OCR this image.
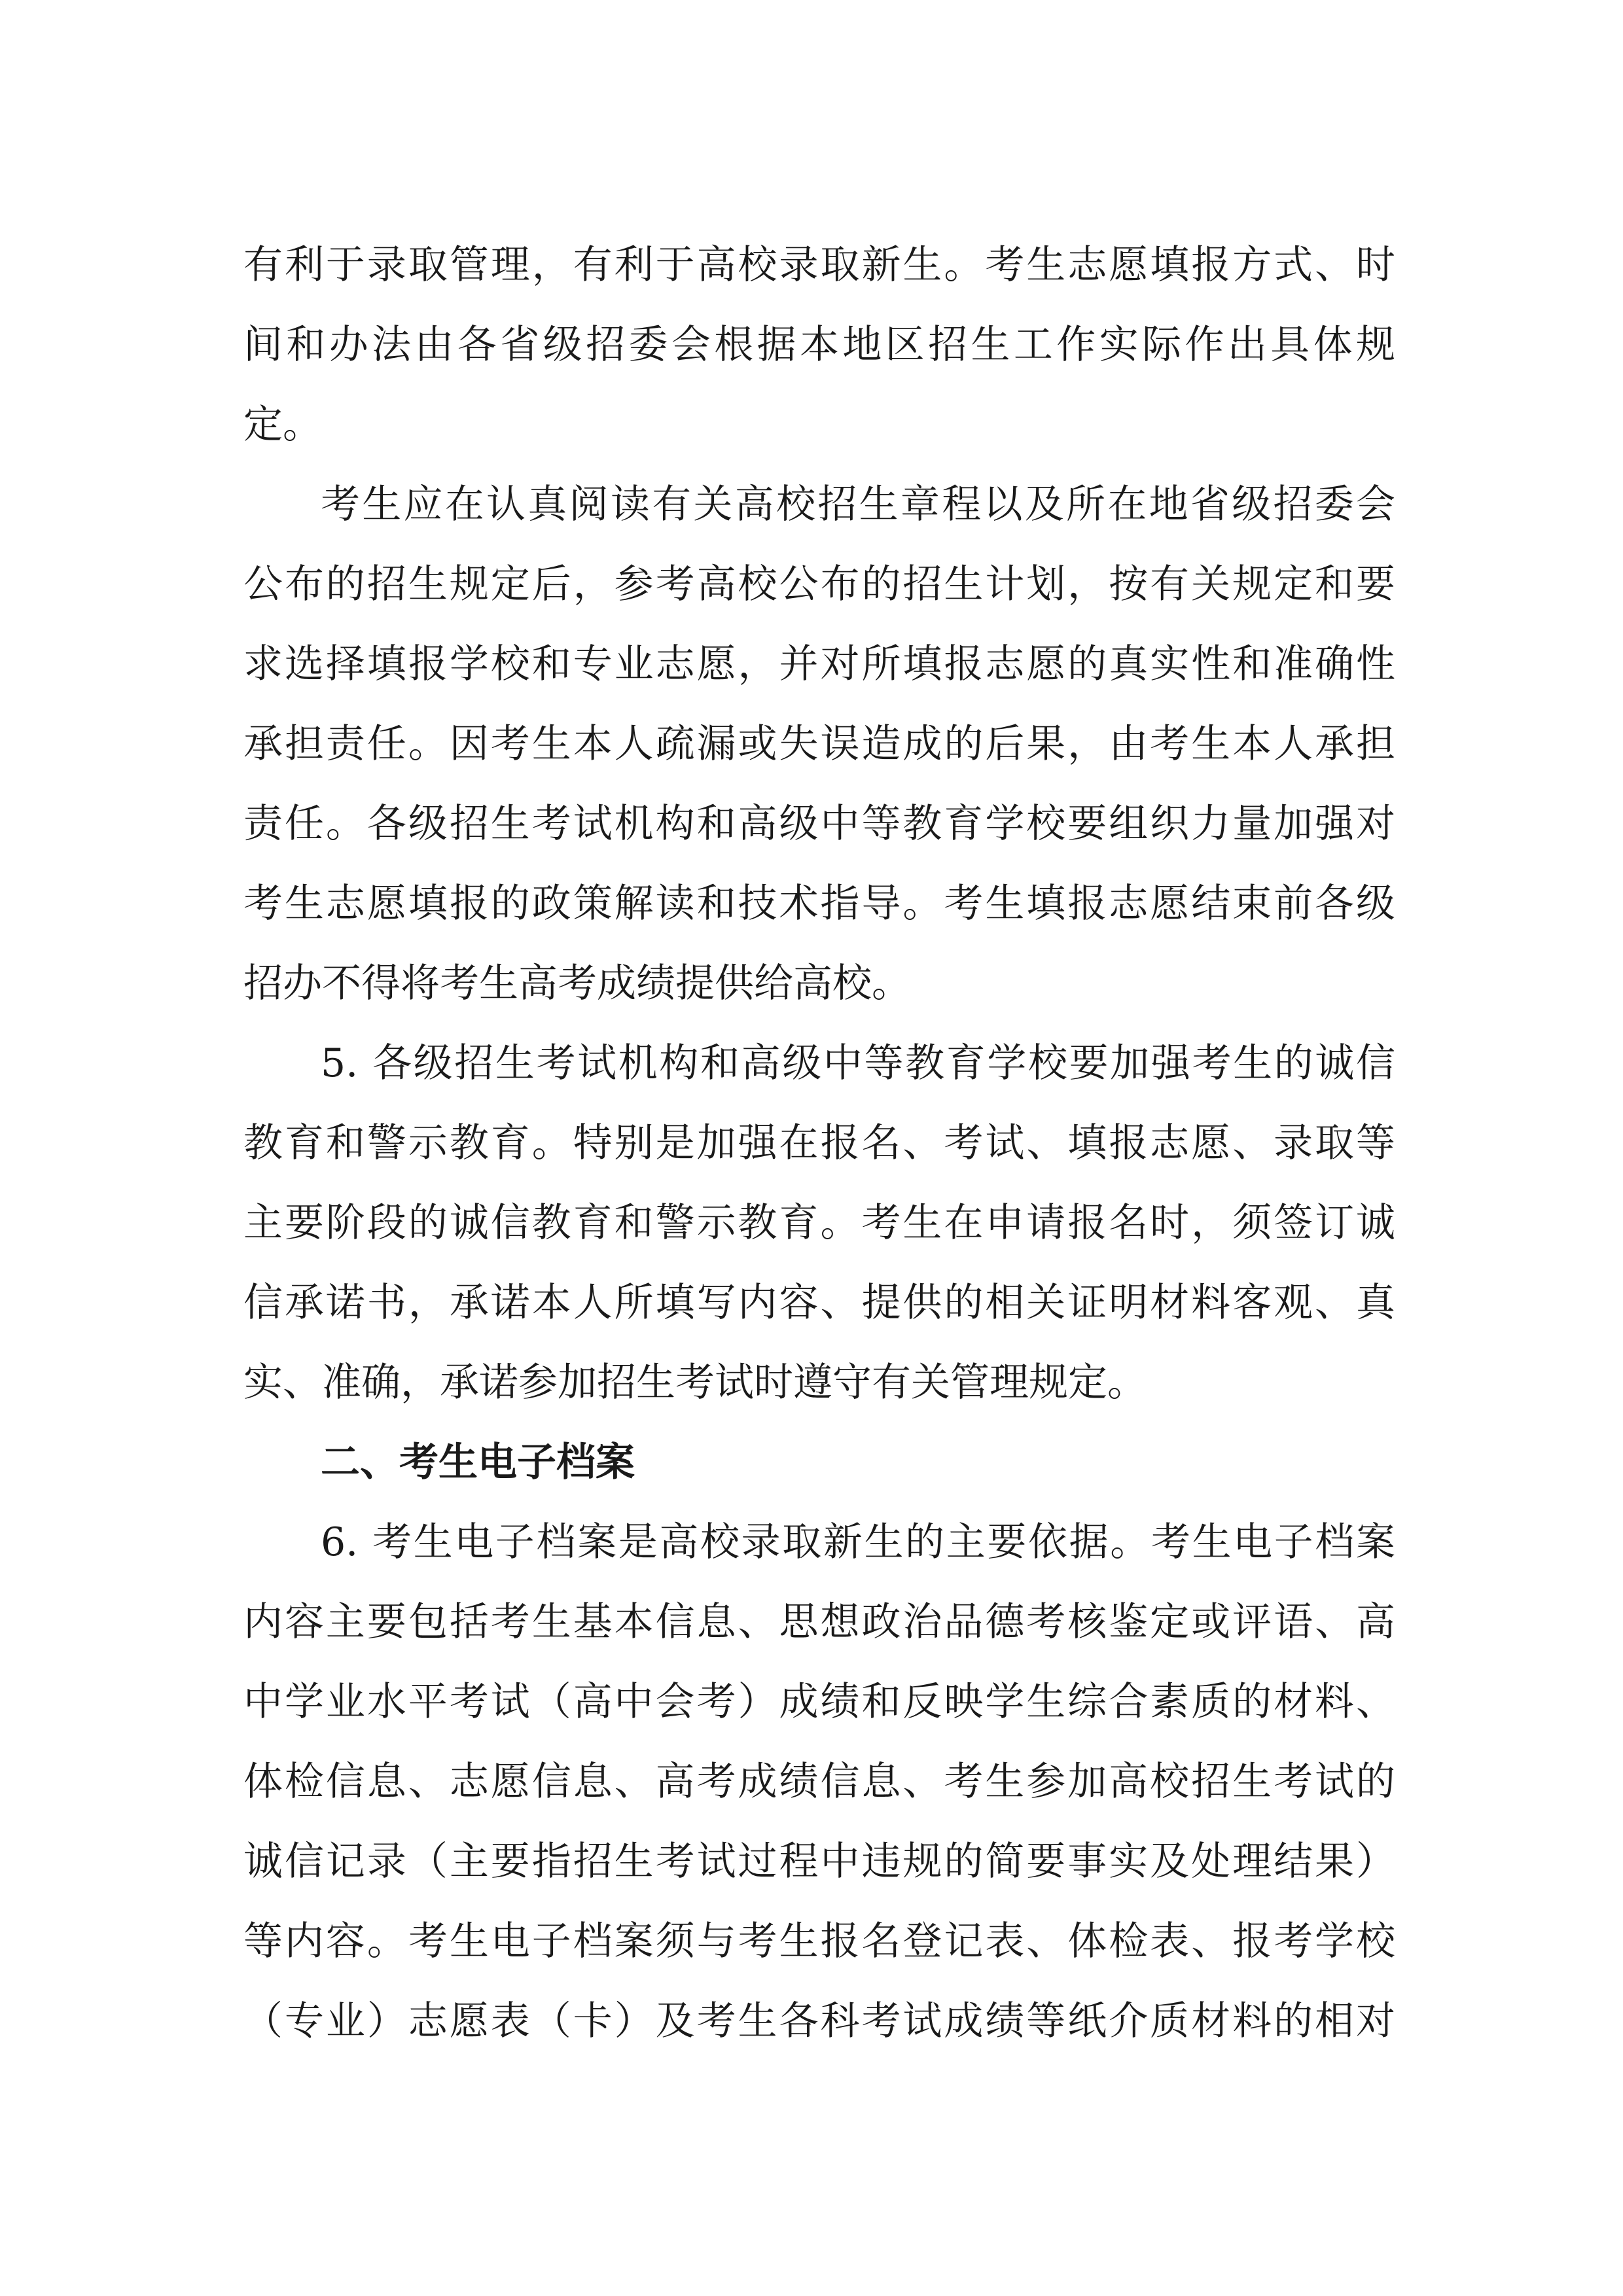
有利于录取管理，有利于高校录取新生。考生志愿填报方式、时
间和办法由各省级招委会根据本地区招生工作实际作出具体规
定。
考生应在认真阅读有关高校招生章程以及所在地省级招委会
公布的招生规定后，参考高校公布的招生计划，按有关规定和要
求选择填报学校和专业志愿，并对所填报志愿的真实性和准确性
承担责任。因考生本人疏漏或失误造成的后果，由考生本人承担
责任。各级招生考试机构和高级中等教育学校要组织力量加强对
考生志愿填报的政策解读和技术指导。考生填报志愿结束前各级
招办不得将考生高考成绩提供给高校。
5. 各级招生考试机构和高级中等教育学校要加强考生的诚信
教育和警示教育。特别是加强在报名、考试、填报志愿、录取等
主要阶段的诚信教育和警示教育。考生在申请报名时，须签订诚
信承诺书，承诺本人所填写内容、提供的相关证明材料客观、真
实、准确，承诺参加招生考试时遵守有关管理规定。
二、考生电子档案
6. 考生电子档案是高校录取新生的主要依据。考生电子档案
内容主要包括考生基本信息、思想政治品德考核鉴定或评语、高
中学业水平考试（高中会考）成绩和反映学生综合素质的材料、
体检信息、志愿信息、高考成绩信息、考生参加高校招生考试的
诚信记录（主要指招生考试过程中违规的简要事实及处理结果）
等内容。考生电子档案须与考生报名登记表、体检表、报考学校
（专业）志愿表（卡）及考生各科考试成绩等纸介质材料的相对
